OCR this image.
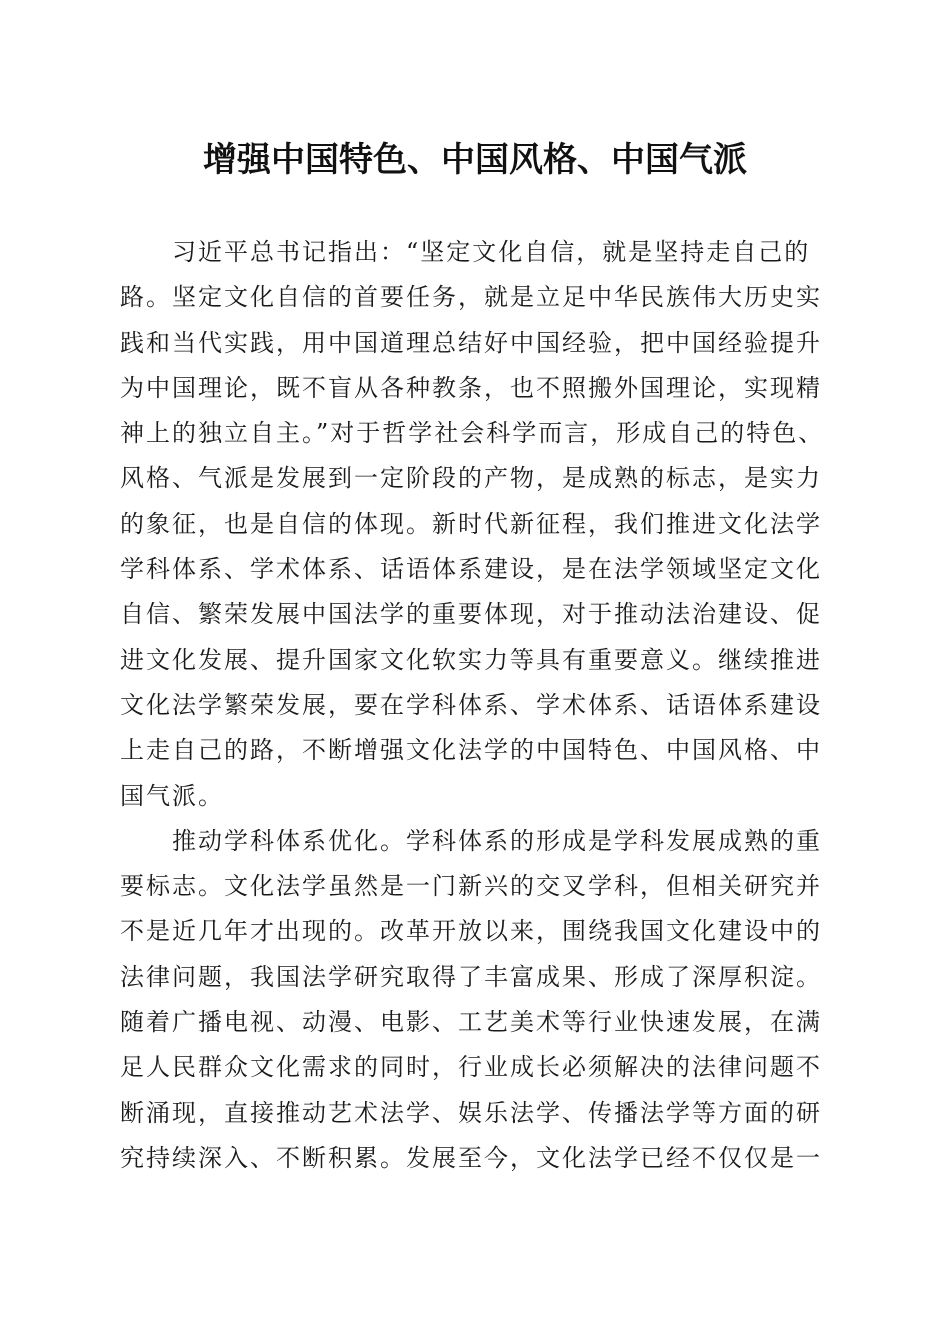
增强中国特色、中国风格、中国气派
习近平总书记指出：“坚定文化自信，就是坚持走自己的
路。坚定文化自信的首要任务，就是立足中华民族伟大历史实
践和当代实践，用中国道理总结好中国经验，把中国经验提升
为中国理论，既不盲从各种教条，也不照搬外国理论，实现精
神上的独立自主。”对于哲学社会科学而言，形成自己的特色、
风格、气派是发展到一定阶段的产物，是成熟的标志，是实力
的象征，也是自信的体现。新时代新征程，我们推进文化法学
学科体系、学术体系、话语体系建设，是在法学领域坚定文化
自信、繁荣发展中国法学的重要体现，对于推动法治建设、促
进文化发展、提升国家文化软实力等具有重要意义。继续推进
文化法学繁荣发展，要在学科体系、学术体系、话语体系建设
上走自己的路，不断增强文化法学的中国特色、中国风格、中
国气派。
推动学科体系优化。学科体系的形成是学科发展成熟的重
要标志。文化法学虽然是一门新兴的交叉学科，但相关研究并
不是近几年才出现的。改革开放以来，围绕我国文化建设中的
法律问题，我国法学研究取得了丰富成果、形成了深厚积淀。
随着广播电视、动漫、电影、工艺美术等行业快速发展，在满
足人民群众文化需求的同时，行业成长必须解决的法律问题不
断涌现，直接推动艺术法学、娱乐法学、传播法学等方面的研
究持续深入、不断积累。发展至今，文化法学已经不仅仅是一
